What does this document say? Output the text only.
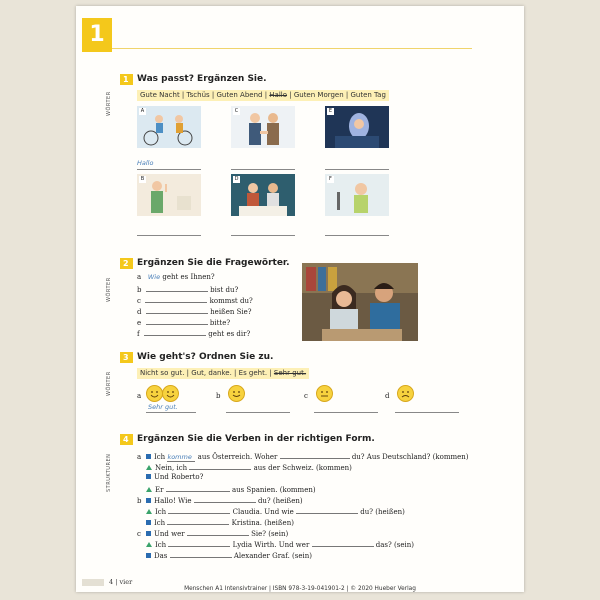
1
1 Was passt? Ergänzen Sie.
WÖRTER	Gute Nacht | Tschüs | Guten Abend | Hallo | Guten Morgen | Guten Tag
A	C	E
Hallo
B	D	F
2 Ergänzen Sie die Fragewörter.
WÖRTER
a Wie geht es Ihnen?
b	bist du?
c	kommst du?
d	heißen Sie?
e	bitte?
f	geht es dir?
3 Wie geht's? Ordnen Sie zu.
WÖRTER	Nicht so gut. | Gut, danke. | Es geht. | Sehr gut.
a
Sehr gut.
b	c	d
4 Ergänzen Sie die Verben in der richtigen Form.
STRUKTUREN	a Ich komme aus Österreich. Woher	du? Aus Deutschland? (kommen)
Nein, ich	aus der Schweiz. (kommen)
Und Roberto?
Er	aus Spanien. (kommen)
b Hallo! Wie	du? (heißen)
Ich	Claudia. Und wie	du? (heißen)
Ich	Kristina. (heißen)
c Und wer	Sie? (sein)
Ich	Lydia Wirth. Und wer	das? (sein)
Das	Alexander Graf. (sein)
4 | vier
Menschen A1 Intensivtrainer | ISBN 978-3-19-041901-2 | © 2020 Hueber Verlag
